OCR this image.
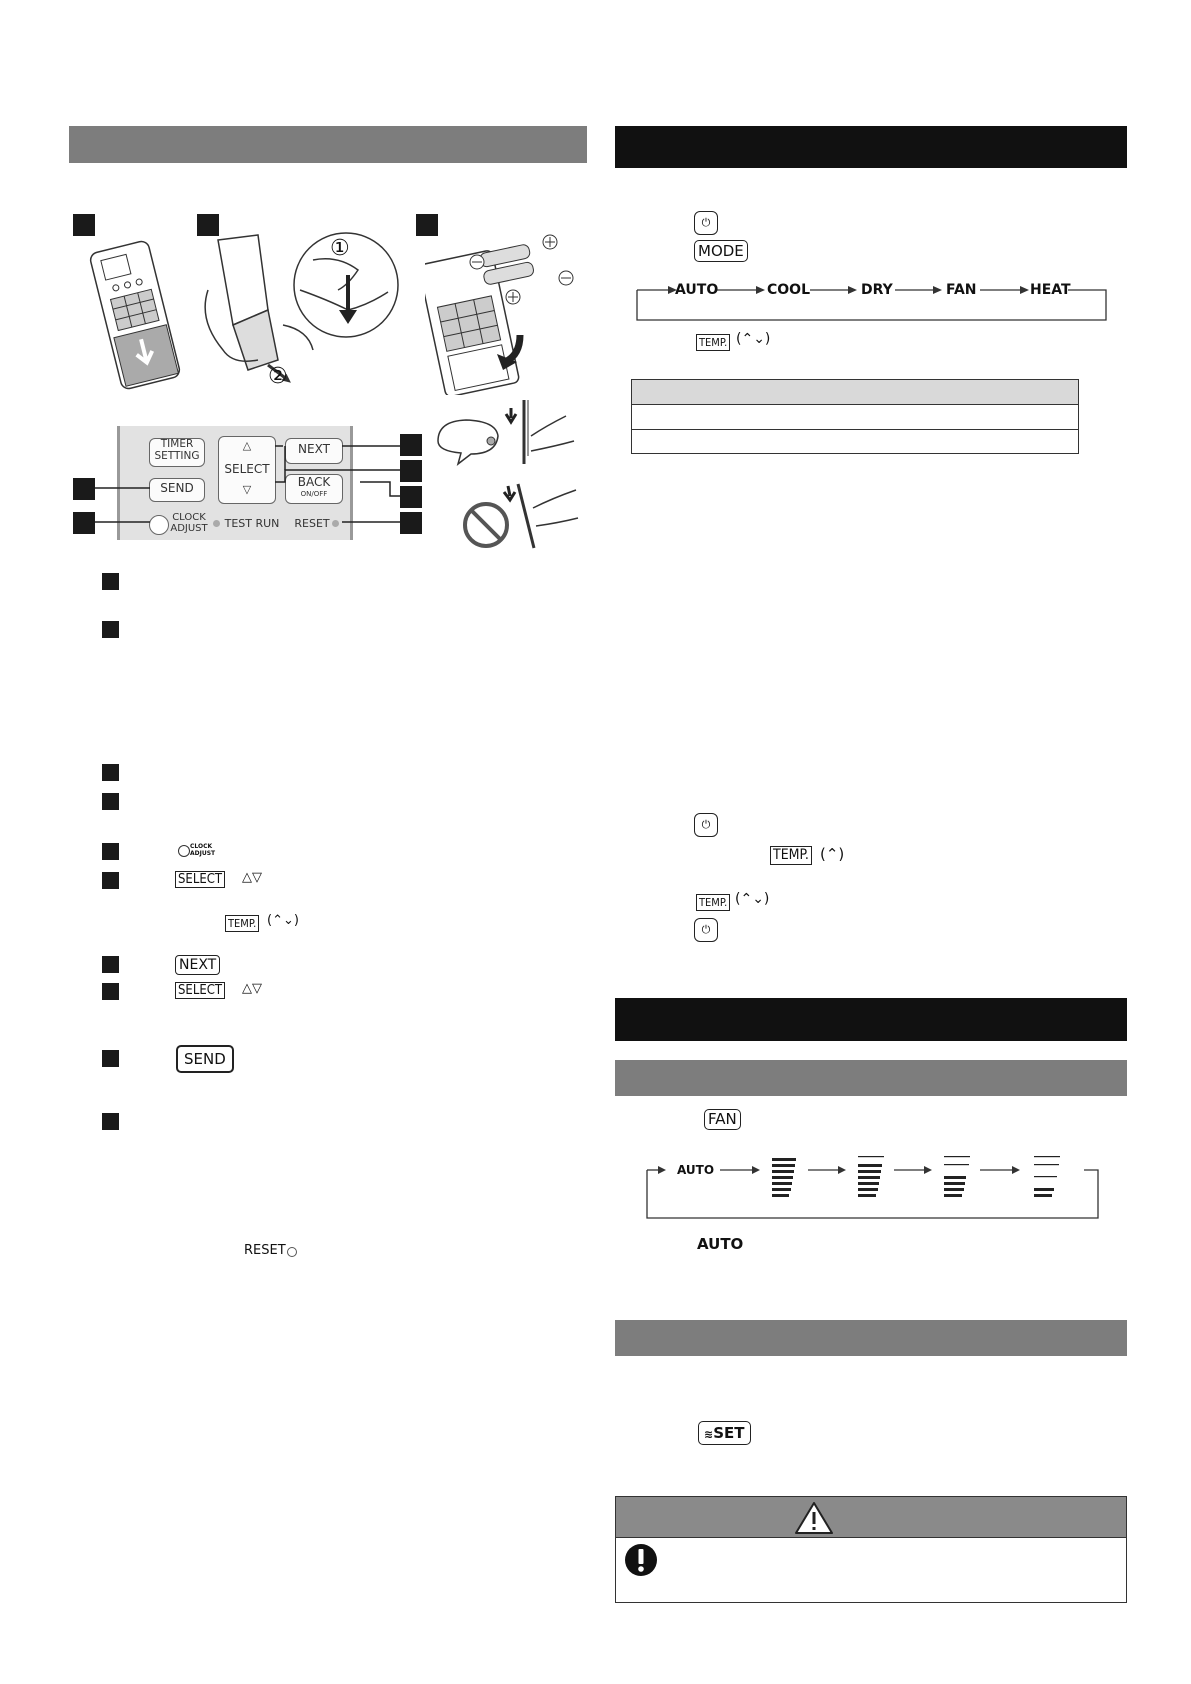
①
②
TIMER SETTING
SEND
△
SELECT
▽
NEXT
BACK
ON/OFF
CLOCK ADJUST TEST RUN RESET
CLOCK ADJUST
SELECT △▽
TEMP. (⌃⌄)
NEXT
SELECT △▽
SEND
RESET
⏻
MODE
AUTO	COOL	DRY	FAN	HEAT
TEMP. (⌃⌄)
⏻
TEMP. (⌃)
TEMP. (⌃⌄)
⏻
FAN
AUTO
AUTO
≋SET
